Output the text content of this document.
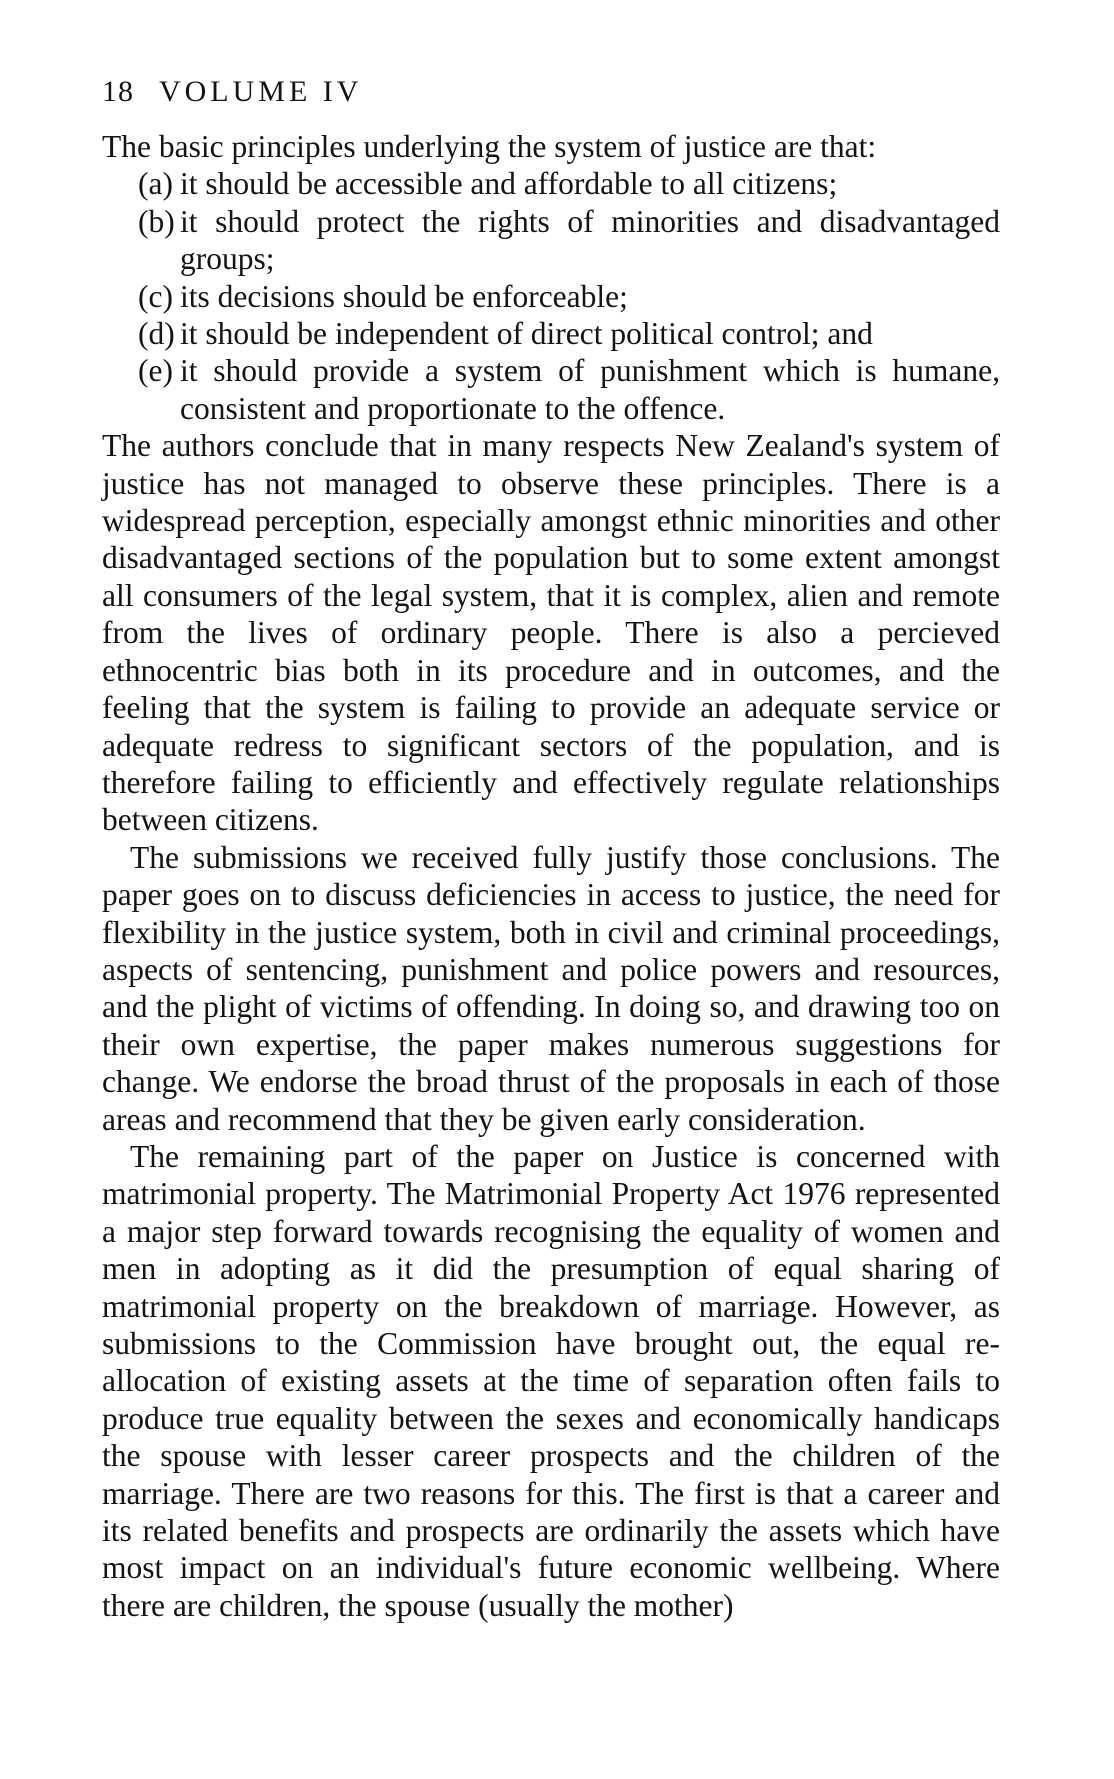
18 VOLUME IV

The basic principles underlying the system of justice are that:

(a) it should be accessible and affordable to all citizens;
(b) it should protect the rights of minorities and disadvantaged groups;
(c) its decisions should be enforceable;
(d) it should be independent of direct political control; and
(e) it should provide a system of punishment which is humane, consistent and proportionate to the offence.

The authors conclude that in many respects New Zealand's system of justice has not managed to observe these principles. There is a widespread perception, especially amongst ethnic minorities and other disadvantaged sections of the population but to some extent amongst all consumers of the legal system, that it is complex, alien and remote from the lives of ordinary people. There is also a percieved ethnocentric bias both in its procedure and in outcomes, and the feeling that the system is failing to provide an adequate service or adequate redress to significant sectors of the population, and is therefore failing to efficiently and effectively regulate relationships between citizens.

The submissions we received fully justify those conclusions. The paper goes on to discuss deficiencies in access to justice, the need for flexibility in the justice system, both in civil and criminal proceedings, aspects of sentencing, punishment and police powers and resources, and the plight of victims of offending. In doing so, and drawing too on their own expertise, the paper makes numerous suggestions for change. We endorse the broad thrust of the proposals in each of those areas and recommend that they be given early consideration.

The remaining part of the paper on Justice is concerned with matrimonial property. The Matrimonial Property Act 1976 represented a major step forward towards recognising the equality of women and men in adopting as it did the presumption of equal sharing of matrimonial property on the breakdown of marriage. However, as submissions to the Commission have brought out, the equal re-allocation of existing assets at the time of separation often fails to produce true equality between the sexes and economically handicaps the spouse with lesser career prospects and the children of the marriage. There are two reasons for this. The first is that a career and its related benefits and prospects are ordinarily the assets which have most impact on an individual's future economic wellbeing. Where there are children, the spouse (usually the mother)
